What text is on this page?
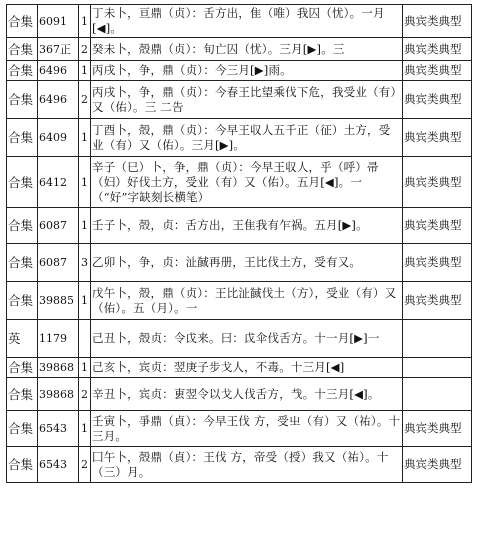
合集	6091	1	丁未卜，亘鼎（贞）：舌方出，隹（唯）我囚（忧）。一月[◀]。	典宾类典型
合集	367正	2	癸未卜，殻鼎（贞）：旬亡囚（忧）。三月[▶]。三	典宾类典型
合集	6496	1	丙戌卜，争，鼎（贞）：今三月[▶]雨。	典宾类典型
合集	6496	2	丙戌卜，争，鼎（贞）：今春王比望乘伐下危，我受业（有）又（佑）。三 二告	典宾类典型
合集	6409	1	丁酉卜，殻，鼎（贞）：今早王収人五千正（征）土方，受业（有）又（佑）。三月[▶]。	典宾类典型
合集	6412	1	辛子（巳）卜，争，鼎（贞）：今早王収人，乎（呼）帚（妇）好伐土方，受业（有）又（佑）。五月[◀]。一（“好”字缺刻长横笔）	典宾类典型
合集	6087	1	壬子卜，殻，贞：舌方出，王隹我有乍祸。五月[▶]。	典宾类典型
合集	6087	3	乙卯卜，争，贞：沚馘再册，王比伐土方，受有又。	典宾类典型
合集	39885	1	戊午卜，殻，鼎（贞）：王比沚馘伐土（方），受业（有）又（佑）。五（月）。一	典宾类典型
英	1179		己丑卜，殻贞：令戉来。曰：戉伞伐舌方。十一月[▶]一	
合集	39868	1	己亥卜，宾贞：翌庚子步戈人，不毒。十三月[◀]	
合集	39868	2	辛丑卜，宾贞：叀翌令以戈人伐舌方，𢦏。十三月[◀]。	
合集	6543	1	壬寅卜，爭鼎（貞）：今早王伐 方，受㞢（有）又（祐）。十三月。	典宾类典型
合集	6543	2	囗午卜，殻鼎（貞）：王伐 方，帝受（授）我又（祐）。十（三）月。	典宾类典型
